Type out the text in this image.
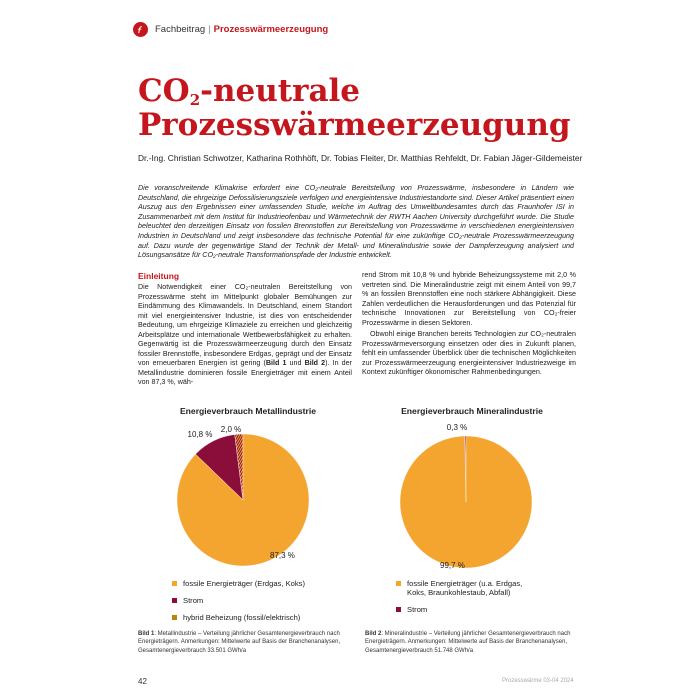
Fachbeitrag | Prozesswärmeerzeugung
$CO_2$-neutrale
Prozesswärmeerzeugung
Dr.-Ing. Christian Schwotzer, Katharina Rothhöft, Dr. Tobias Fleiter, Dr. Matthias Rehfeldt, Dr. Fabian Jäger-Gildemeister
Die voranschreitende Klimakrise erfordert eine CO₂-neutrale Bereitstellung von Prozesswärme, insbesondere in Ländern wie Deutschland, die ehrgeizige Defossilisierungsziele verfolgen und energieintensive Industriestandorte sind. Dieser Artikel präsentiert einen Auszug aus den Ergebnissen einer umfassenden Studie, welche im Auftrag des Umweltbundesamtes durch das Fraunhofer ISI in Zusammenarbeit mit dem Institut für Industrieofenbau und Wärmetechnik der RWTH Aachen University durchgeführt wurde. Die Studie beleuchtet den derzeitigen Einsatz von fossilen Brennstoffen zur Bereitstellung von Prozesswärme in verschiedenen energieintensiven Industrien in Deutschland und zeigt insbesondere das technische Potential für eine zukünftige CO₂-neutrale Prozesswärmeerzeugung auf. Dazu wurde der gegenwärtige Stand der Technik der Metall- und Mineralindustrie sowie der Dampferzeugung analysiert und Lösungsansätze für CO₂-neutrale Transformationspfade der Industrie entwickelt.
Einleitung

Die Notwendigkeit einer CO₂-neutralen Bereitstellung von Prozesswärme steht im Mittelpunkt globaler Bemühungen zur Eindämmung des Klimawandels. In Deutschland, einem Standort mit viel energieintensiver Industrie, ist dies von entscheidender Bedeutung, um ehrgeizige Klimaziele zu erreichen und gleichzeitig Arbeitsplätze und internationale Wettbewerbsfähigkeit zu erhalten. Gegenwärtig ist die Prozesswärmeerzeugung durch den Einsatz fossiler Brennstoffe, insbesondere Erdgas, geprägt und der Einsatz von erneuerbaren Energien ist gering (Bild 1 und Bild 2). In der Metallindustrie dominieren fossile Energieträger mit einem Anteil von 87,3 %, wäh-

rend Strom mit 10,8 % und hybride Beheizungssysteme mit 2,0 % vertreten sind. Die Mineralindustrie zeigt mit einem Anteil von 99,7 % an fossilen Brennstoffen eine noch stärkere Abhängigkeit. Diese Zahlen verdeutlichen die Herausforderungen und das Potenzial für technische Innovationen zur Bereitstellung von CO₂-freier Prozesswärme in diesen Sektoren.

Obwohl einige Branchen bereits Technologien zur CO₂-neutralen Prozesswärmeversorgung einsetzen oder dies in Zukunft planen, fehlt ein umfassender Überblick über die technischen Möglichkeiten zur Prozesswärmeerzeugung energieintensiver Industriezweige im Kontext zukünftiger ökonomischer Rahmenbedingungen.

87,3 %
10,8 %
2,0 %
Energieverbrauch Metallindustrie
fossile Energieträger (Erdgas, Koks)
Strom
hybrid Beheizung (fossil/elektrisch)
99,7 %
0,3 %
Energieverbrauch Mineralindustrie
fossile Energieträger (u.a. Erdgas,
Koks, Braunkohlestaub, Abfall)
Strom
Bild 1: Metallindustrie – Verteilung jährlicher Gesamtenergieverbrauch nach Energieträgern. Anmerkungen: Mittelwerte auf Basis der Branchenanalysen, Gesamtenergieverbrauch 33.501 GWh/a
Bild 2: Mineralindustrie – Verteilung jährlicher Gesamtenergieverbrauch nach Energieträgern. Anmerkungen: Mittelwerte auf Basis der Branchenanalysen, Gesamtenergieverbrauch 51.748 GWh/a
42	Prozesswärme 03-04 2024
